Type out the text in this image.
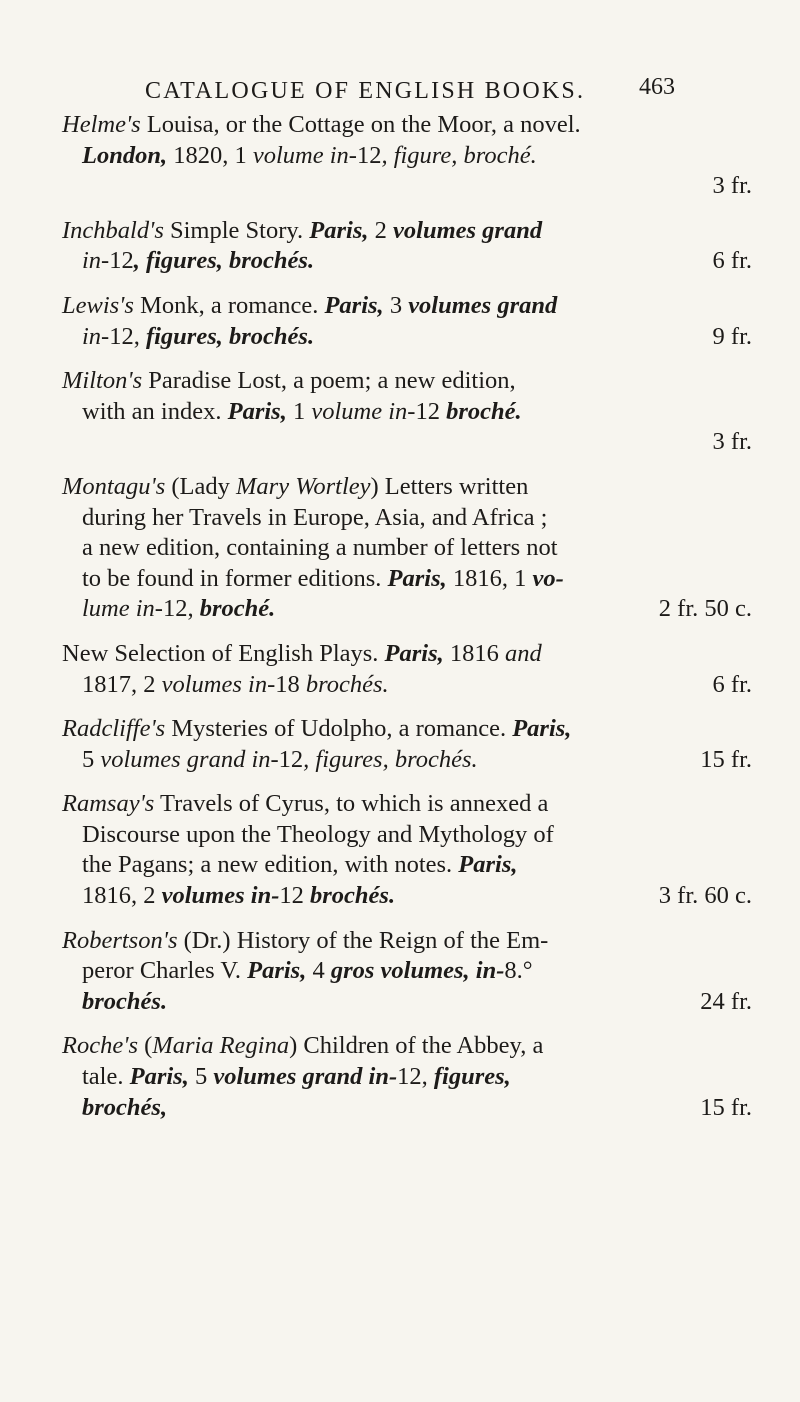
CATALOGUE OF ENGLISH BOOKS. 463
Helme's Louisa, or the Cottage on the Moor, a novel.
London, 1820, 1 volume in-12, figure, broché.
3 fr.
Inchbald's Simple Story. Paris, 2 volumes grand
in-12, figures, brochés.	6 fr.
Lewis's Monk, a romance. Paris, 3 volumes grand
in-12, figures, brochés.	9 fr.
Milton's Paradise Lost, a poem; a new edition,
with an index. Paris, 1 volume in-12 broché.
3 fr.
Montagu's (Lady Mary Wortley) Letters written
during her Travels in Europe, Asia, and Africa ;
a new edition, containing a number of letters not
to be found in former editions. Paris, 1816, 1 vo-
lume in-12, broché.	2 fr. 50 c.
New Selection of English Plays. Paris, 1816 and
1817, 2 volumes in-18 brochés.	6 fr.
Radcliffe's Mysteries of Udolpho, a romance. Paris,
5 volumes grand in-12, figures, brochés.	15 fr.
Ramsay's Travels of Cyrus, to which is annexed a
Discourse upon the Theology and Mythology of
the Pagans; a new edition, with notes. Paris,
1816, 2 volumes in-12 brochés.	3 fr. 60 c.
Robertson's (Dr.) History of the Reign of the Em-
peror Charles V. Paris, 4 gros volumes, in-8.°
brochés.	24 fr.
Roche's (Maria Regina) Children of the Abbey, a
tale. Paris, 5 volumes grand in-12, figures,
brochés,	15 fr.
